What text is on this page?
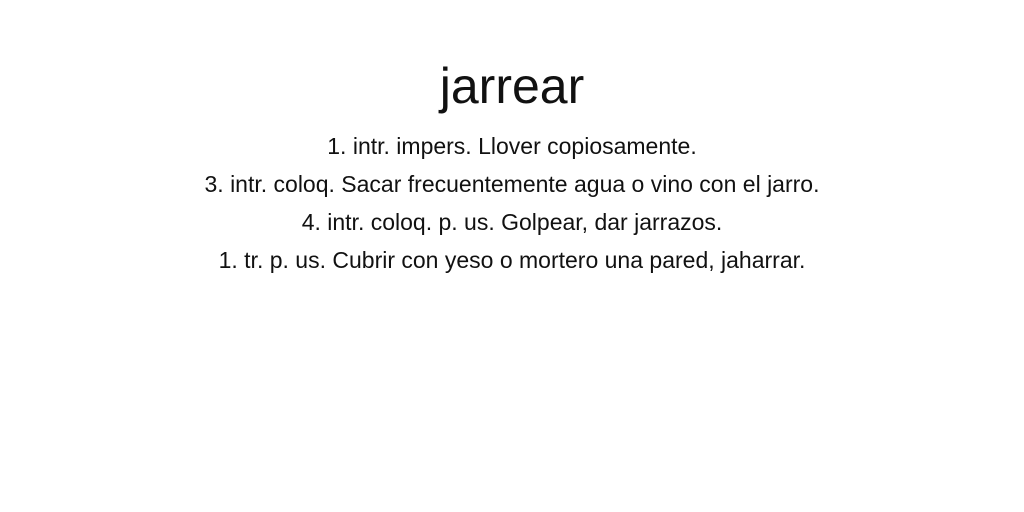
jarrear
1. intr. impers. Llover copiosamente.
3. intr. coloq. Sacar frecuentemente agua o vino con el jarro.
4. intr. coloq. p. us. Golpear, dar jarrazos.
1. tr. p. us. Cubrir con yeso o mortero una pared, jaharrar.
